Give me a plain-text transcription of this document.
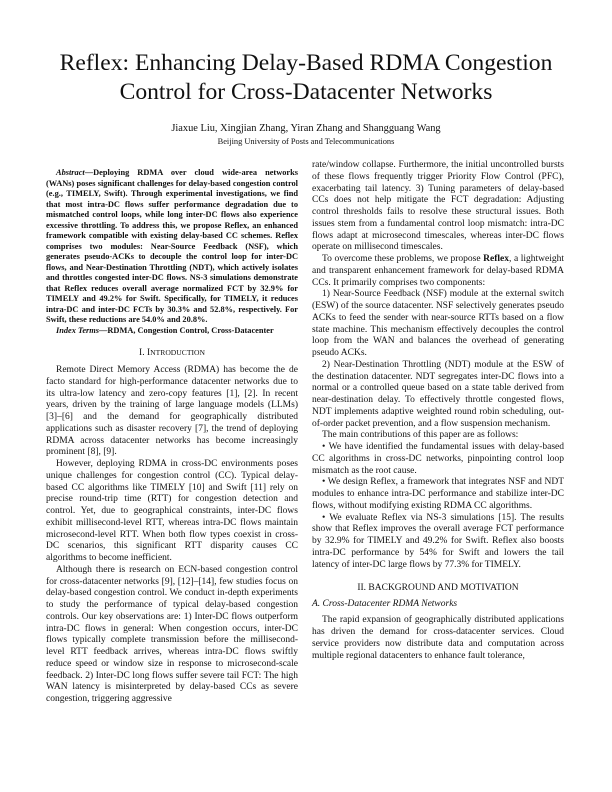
Reflex: Enhancing Delay-Based RDMA Congestion
Control for Cross-Datacenter Networks

Jiaxue Liu, Xingjian Zhang, Yiran Zhang and Shangguang Wang

Beijing University of Posts and Telecommunications

Abstract—Deploying RDMA over cloud wide-area networks (WANs) poses significant challenges for delay-based congestion control (e.g., TIMELY, Swift). Through experimental investigations, we find that most intra-DC flows suffer performance degradation due to mismatched control loops, while long inter-DC flows also experience excessive throttling. To address this, we propose Reflex, an enhanced framework compatible with existing delay-based CC schemes. Reflex comprises two modules: Near-Source Feedback (NSF), which generates pseudo-ACKs to decouple the control loop for inter-DC flows, and Near-Destination Throttling (NDT), which actively isolates and throttles congested inter-DC flows. NS-3 simulations demonstrate that Reflex reduces overall average normalized FCT by 32.9% for TIMELY and 49.2% for Swift. Specifically, for TIMELY, it reduces intra-DC and inter-DC FCTs by 30.3% and 52.8%, respectively. For Swift, these reductions are 54.0% and 20.8%.

Index Terms—RDMA, Congestion Control, Cross-Datacenter

I. INTRODUCTION

Remote Direct Memory Access (RDMA) has become the de facto standard for high-performance datacenter networks due to its ultra-low latency and zero-copy features [1], [2]. In recent years, driven by the training of large language models (LLMs) [3]–[6] and the demand for geographically distributed applications such as disaster recovery [7], the trend of deploying RDMA across datacenter networks has become increasingly prominent [8], [9].

However, deploying RDMA in cross-DC environments poses unique challenges for congestion control (CC). Typical delay-based CC algorithms like TIMELY [10] and Swift [11] rely on precise round-trip time (RTT) for congestion detection and control. Yet, due to geographical constraints, inter-DC flows exhibit millisecond-level RTT, whereas intra-DC flows maintain microsecond-level RTT. When both flow types coexist in cross-DC scenarios, this significant RTT disparity causes CC algorithms to become inefficient.

Although there is research on ECN-based congestion control for cross-datacenter networks [9], [12]–[14], few studies focus on delay-based congestion control. We conduct in-depth experiments to study the performance of typical delay-based congestion controls. Our key observations are: 1) Inter-DC flows outperform intra-DC flows in general: When congestion occurs, inter-DC flows typically complete transmission before the millisecond-level RTT feedback arrives, whereas intra-DC flows swiftly reduce speed or window size in response to microsecond-scale feedback. 2) Inter-DC long flows suffer severe tail FCT: The high WAN latency is misinterpreted by delay-based CCs as severe congestion, triggering aggressive

rate/window collapse. Furthermore, the initial uncontrolled bursts of these flows frequently trigger Priority Flow Control (PFC), exacerbating tail latency. 3) Tuning parameters of delay-based CCs does not help mitigate the FCT degradation: Adjusting control thresholds fails to resolve these structural issues. Both issues stem from a fundamental control loop mismatch: intra-DC flows adapt at microsecond timescales, whereas inter-DC flows operate on millisecond timescales.

To overcome these problems, we propose Reflex, a lightweight and transparent enhancement framework for delay-based RDMA CCs. It primarily comprises two components:

1) Near-Source Feedback (NSF) module at the external switch (ESW) of the source datacenter. NSF selectively generates pseudo ACKs to feed the sender with near-source RTTs based on a flow state machine. This mechanism effectively decouples the control loop from the WAN and balances the overhead of generating pseudo ACKs.

2) Near-Destination Throttling (NDT) module at the ESW of the destination datacenter. NDT segregates inter-DC flows into a normal or a controlled queue based on a state table derived from near-destination delay. To effectively throttle congested flows, NDT implements adaptive weighted round robin scheduling, out-of-order packet prevention, and a flow suspension mechanism.

The main contributions of this paper are as follows:

• We have identified the fundamental issues with delay-based CC algorithms in cross-DC networks, pinpointing control loop mismatch as the root cause.

• We design Reflex, a framework that integrates NSF and NDT modules to enhance intra-DC performance and stabilize inter-DC flows, without modifying existing RDMA CC algorithms.

• We evaluate Reflex via NS-3 simulations [15]. The results show that Reflex improves the overall average FCT performance by 32.9% for TIMELY and 49.2% for Swift. Reflex also boosts intra-DC performance by 54% for Swift and lowers the tail latency of inter-DC large flows by 77.3% for TIMELY.

II. BACKGROUND AND MOTIVATION

A. Cross-Datacenter RDMA Networks

The rapid expansion of geographically distributed applications has driven the demand for cross-datacenter services. Cloud service providers now distribute data and computation across multiple regional datacenters to enhance fault tolerance,
